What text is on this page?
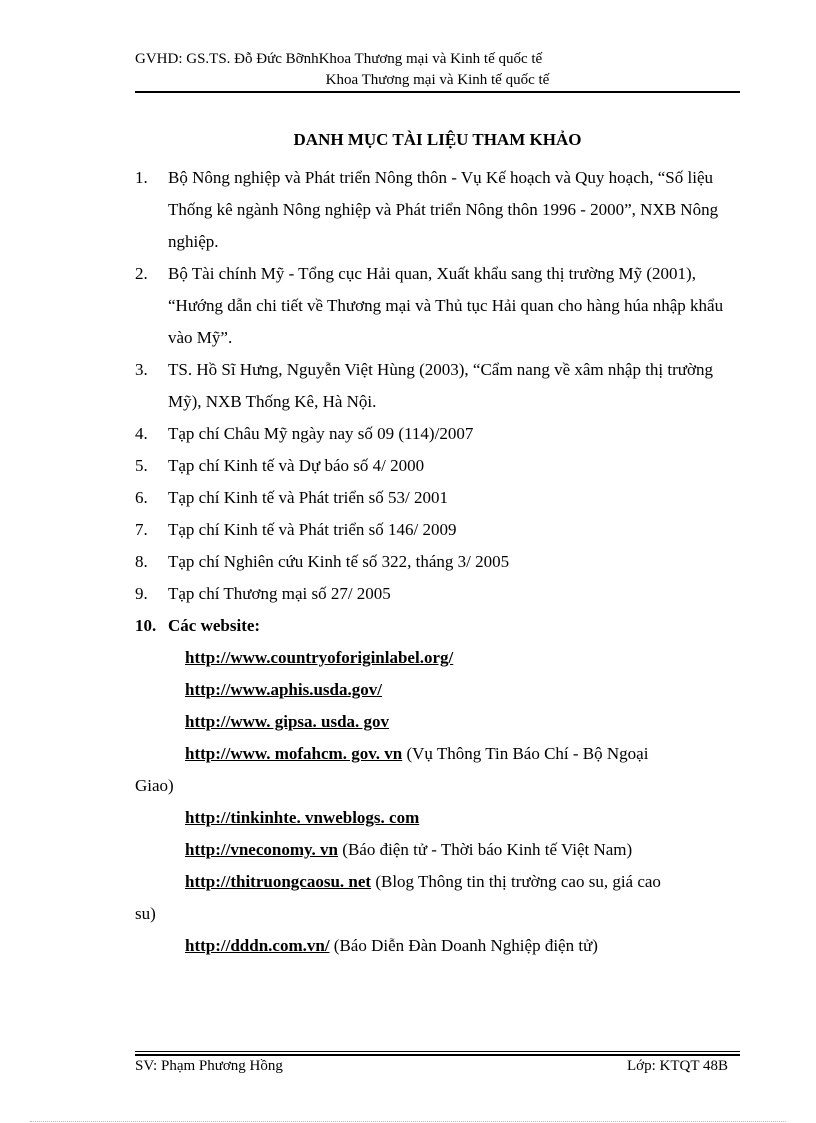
GVHD: GS.TS. Đỗ Đức BỡnhKhoa Thương mại và Kinh tế quốc tế
Khoa Thương mại và Kinh tế quốc tế
DANH MỤC TÀI LIỆU THAM KHẢO
1.	Bộ Nông nghiệp và Phát triển Nông thôn - Vụ Kế hoạch và Quy hoạch, “Số liệu Thống kê ngành Nông nghiệp và Phát triển Nông thôn 1996 - 2000”, NXB Nông nghiệp.
2.	Bộ Tài chính Mỹ - Tổng cục Hải quan, Xuất khẩu sang thị trường Mỹ (2001), “Hướng dẫn chi tiết về Thương mại và Thủ tục Hải quan cho hàng húa nhập khẩu vào Mỹ”.
3.	TS. Hồ Sĩ Hưng, Nguyễn Việt Hùng (2003), “Cẩm nang về xâm nhập thị trường Mỹ), NXB Thống Kê, Hà Nội.
4.	Tạp chí Châu Mỹ ngày nay số 09 (114)/2007
5.	Tạp chí Kinh tế và Dự báo số 4/ 2000
6.	Tạp chí Kinh tế và Phát triển số 53/ 2001
7.	Tạp chí Kinh tế và Phát triển số 146/ 2009
8.	Tạp chí Nghiên cứu Kinh tế số 322, tháng 3/ 2005
9.	Tạp chí Thương mại số 27/ 2005
10. Các website:
http://www.countryoforiginlabel.org/
http://www.aphis.usda.gov/
http://www. gipsa. usda. gov
http://www. mofahcm. gov. vn (Vụ Thông Tin Báo Chí - Bộ Ngoại
Giao)
http://tinkinhte. vnweblogs. com
http://vneconomy. vn (Báo điện tử - Thời báo Kinh tế Việt Nam)
http://thitruongcaosu. net (Blog Thông tin thị trường cao su, giá cao
su)
http://dddn.com.vn/ (Báo Diễn Đàn Doanh Nghiệp điện tử)
SV: Phạm Phương Hồng	Lớp: KTQT 48B
